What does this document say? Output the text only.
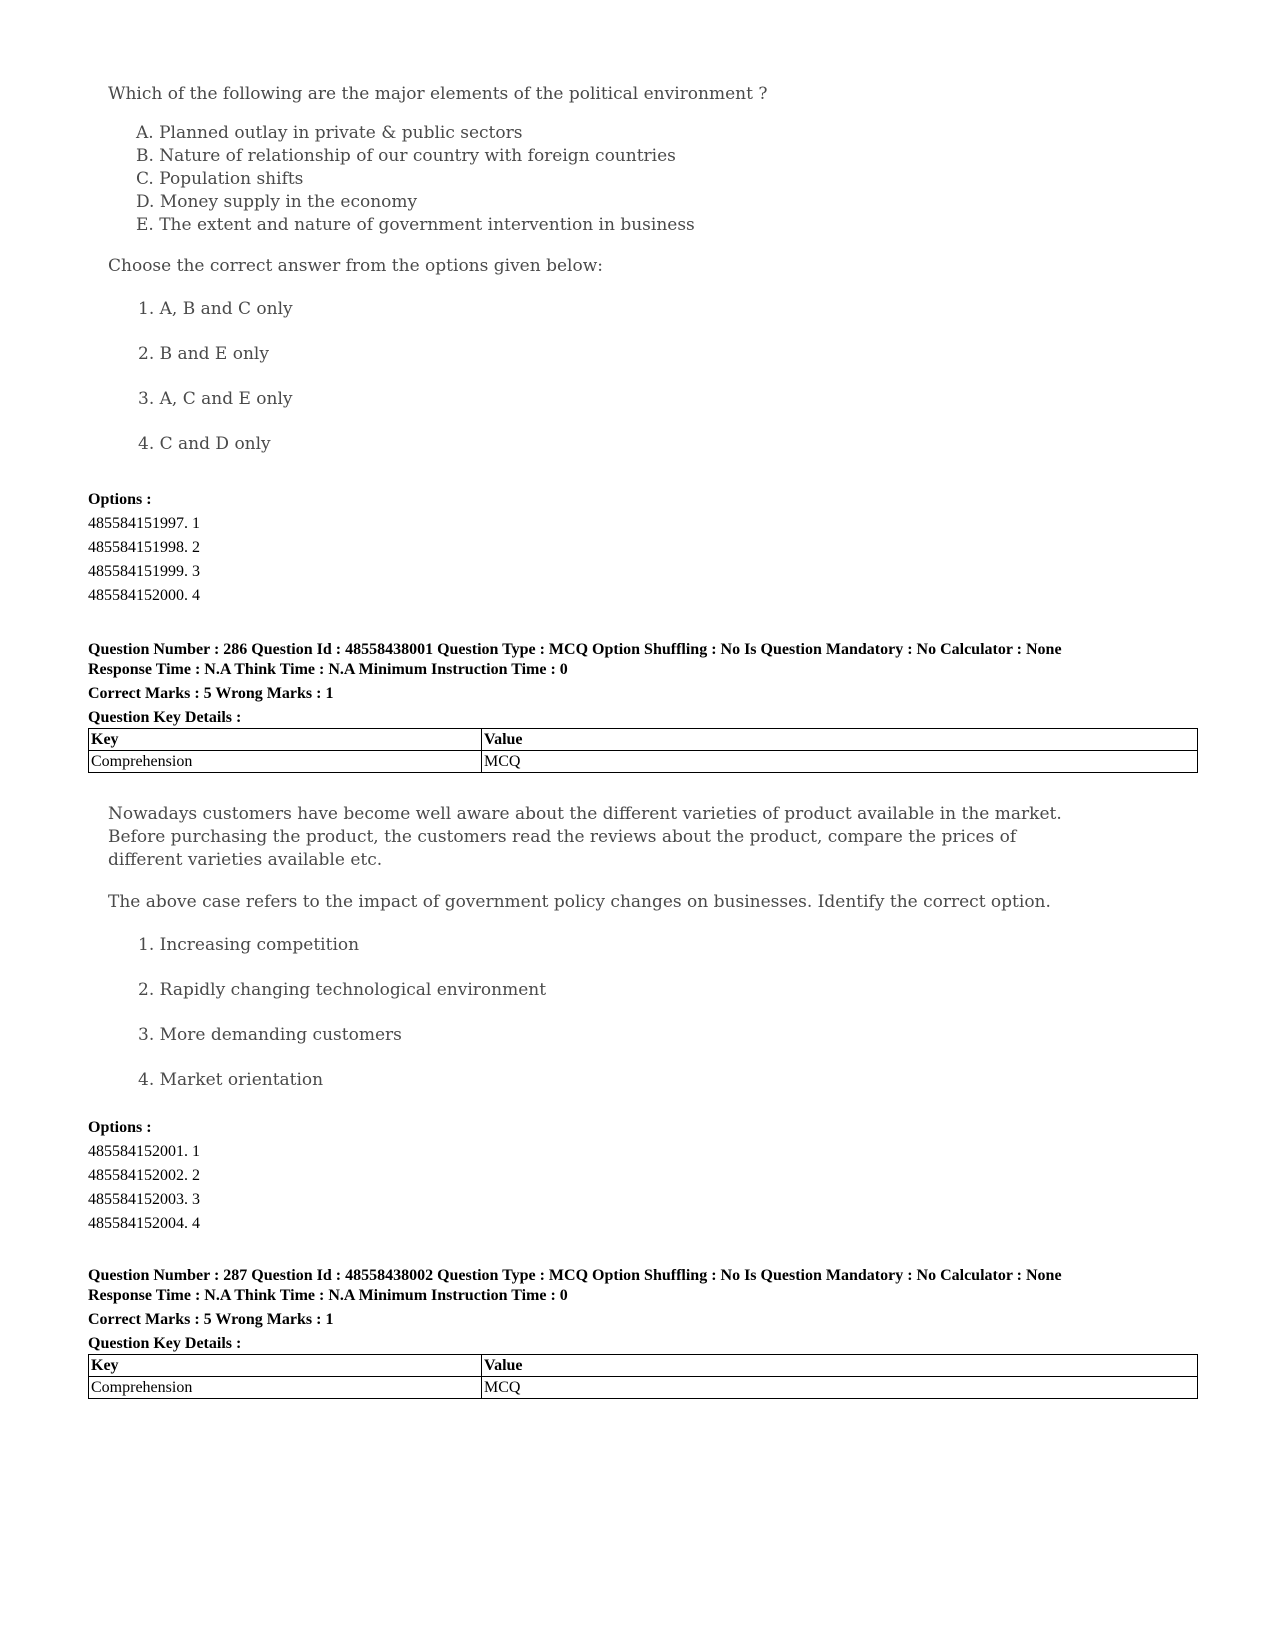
Which of the following are the major elements of the political environment ?

A. Planned outlay in private & public sectors
B. Nature of relationship of our country with foreign countries
C. Population shifts
D. Money supply in the economy
E. The extent and nature of government intervention in business

Choose the correct answer from the options given below:

1. A, B and C only
2. B and E only
3. A, C and E only
4. C and D only
Options :
485584151997. 1
485584151998. 2
485584151999. 3
485584152000. 4
Question Number : 286 Question Id : 48558438001 Question Type : MCQ Option Shuffling : No Is Question Mandatory : No Calculator : None
Response Time : N.A Think Time : N.A Minimum Instruction Time : 0
Correct Marks : 5 Wrong Marks : 1
Question Key Details :
Key	Value
Comprehension	MCQ
Nowadays customers have become well aware about the different varieties of product available in the market.
Before purchasing the product, the customers read the reviews about the product, compare the prices of
different varieties available etc.

The above case refers to the impact of government policy changes on businesses. Identify the correct option.

1. Increasing competition
2. Rapidly changing technological environment
3. More demanding customers
4. Market orientation
Options :
485584152001. 1
485584152002. 2
485584152003. 3
485584152004. 4
Question Number : 287 Question Id : 48558438002 Question Type : MCQ Option Shuffling : No Is Question Mandatory : No Calculator : None
Response Time : N.A Think Time : N.A Minimum Instruction Time : 0
Correct Marks : 5 Wrong Marks : 1
Question Key Details :
Key	Value
Comprehension	MCQ
